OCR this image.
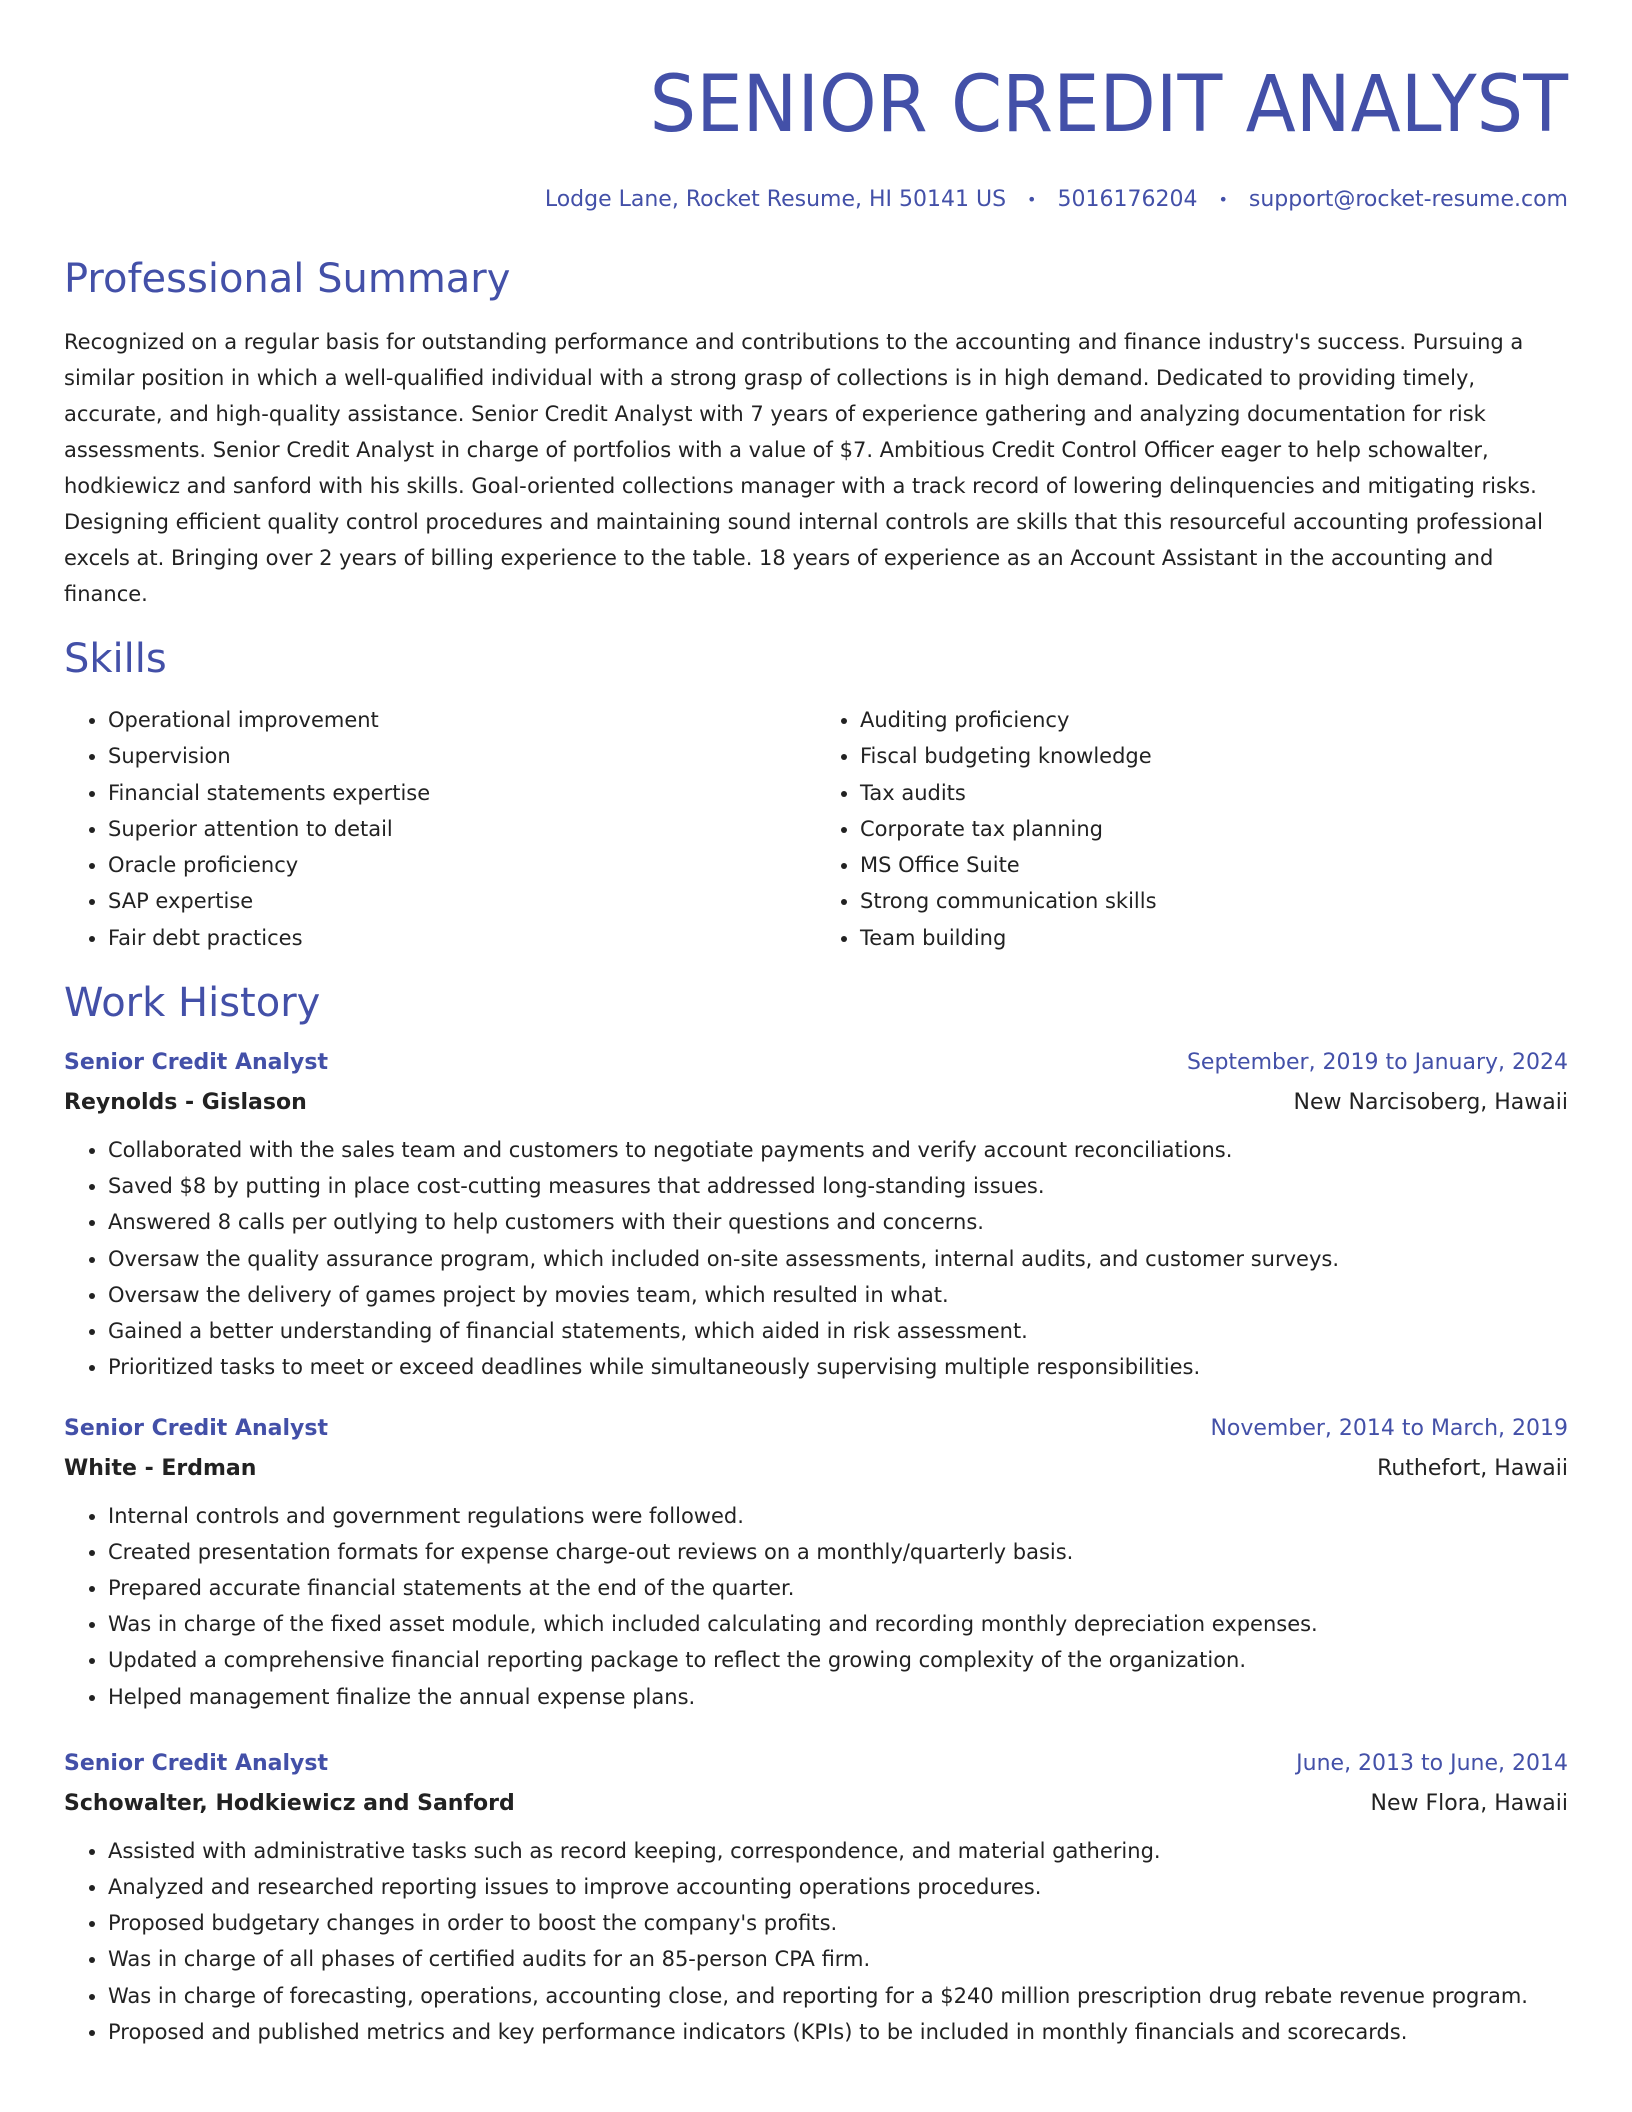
SENIOR CREDIT ANALYST
Lodge Lane, Rocket Resume, HI 50141 US • 5016176204 • support@rocket-resume.com
Professional Summary
Recognized on a regular basis for outstanding performance and contributions to the accounting and finance industry's success. Pursuing a similar position in which a well-qualified individual with a strong grasp of collections is in high demand. Dedicated to providing timely, accurate, and high-quality assistance. Senior Credit Analyst with 7 years of experience gathering and analyzing documentation for risk assessments. Senior Credit Analyst in charge of portfolios with a value of $7. Ambitious Credit Control Officer eager to help schowalter, hodkiewicz and sanford with his skills. Goal-oriented collections manager with a track record of lowering delinquencies and mitigating risks. Designing efficient quality control procedures and maintaining sound internal controls are skills that this resourceful accounting professional excels at. Bringing over 2 years of billing experience to the table. 18 years of experience as an Account Assistant in the accounting and finance.
Skills
• Operational improvement
• Supervision
• Financial statements expertise
• Superior attention to detail
• Oracle proficiency
• SAP expertise
• Fair debt practices
• Auditing proficiency
• Fiscal budgeting knowledge
• Tax audits
• Corporate tax planning
• MS Office Suite
• Strong communication skills
• Team building
Work History
Senior Credit Analyst	September, 2019 to January, 2024
Reynolds - Gislason	New Narcisoberg, Hawaii
• Collaborated with the sales team and customers to negotiate payments and verify account reconciliations.
• Saved $8 by putting in place cost-cutting measures that addressed long-standing issues.
• Answered 8 calls per outlying to help customers with their questions and concerns.
• Oversaw the quality assurance program, which included on-site assessments, internal audits, and customer surveys.
• Oversaw the delivery of games project by movies team, which resulted in what.
• Gained a better understanding of financial statements, which aided in risk assessment.
• Prioritized tasks to meet or exceed deadlines while simultaneously supervising multiple responsibilities.
Senior Credit Analyst	November, 2014 to March, 2019
White - Erdman	Ruthefort, Hawaii
• Internal controls and government regulations were followed.
• Created presentation formats for expense charge-out reviews on a monthly/quarterly basis.
• Prepared accurate financial statements at the end of the quarter.
• Was in charge of the fixed asset module, which included calculating and recording monthly depreciation expenses.
• Updated a comprehensive financial reporting package to reflect the growing complexity of the organization.
• Helped management finalize the annual expense plans.
Senior Credit Analyst	June, 2013 to June, 2014
Schowalter, Hodkiewicz and Sanford	New Flora, Hawaii
• Assisted with administrative tasks such as record keeping, correspondence, and material gathering.
• Analyzed and researched reporting issues to improve accounting operations procedures.
• Proposed budgetary changes in order to boost the company's profits.
• Was in charge of all phases of certified audits for an 85-person CPA firm.
• Was in charge of forecasting, operations, accounting close, and reporting for a $240 million prescription drug rebate revenue program.
• Proposed and published metrics and key performance indicators (KPIs) to be included in monthly financials and scorecards.
